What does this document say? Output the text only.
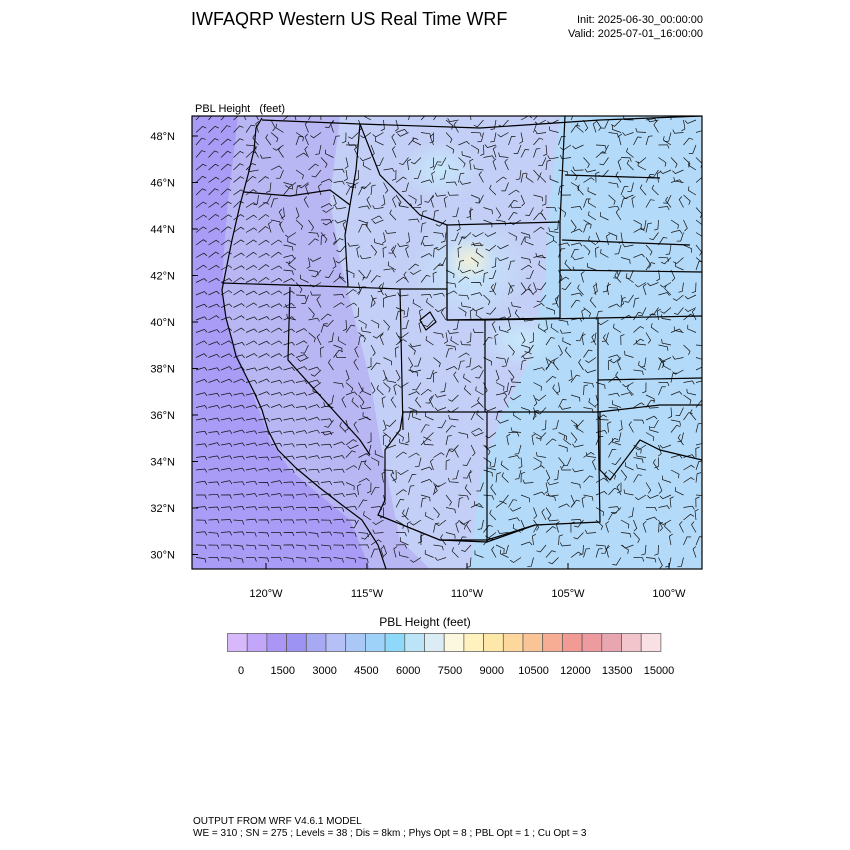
IWFAQRP Western US Real Time WRF	Init: 2025-06-30_00:00:00
Valid: 2025-07-01_16:00:00

PBL Height   (feet)

48°N
46°N
44°N
42°N
40°N
38°N
36°N
34°N
32°N
30°N
120°W	115°W	110°W	105°W	100°W
PBL Height (feet)
0 1500 3000 4500 6000 7500 9000 10500 12000 13500 15000
OUTPUT FROM WRF V4.6.1 MODEL
WE = 310 ; SN = 275 ; Levels = 38 ; Dis = 8km ; Phys Opt = 8 ; PBL Opt = 1 ; Cu Opt = 3
